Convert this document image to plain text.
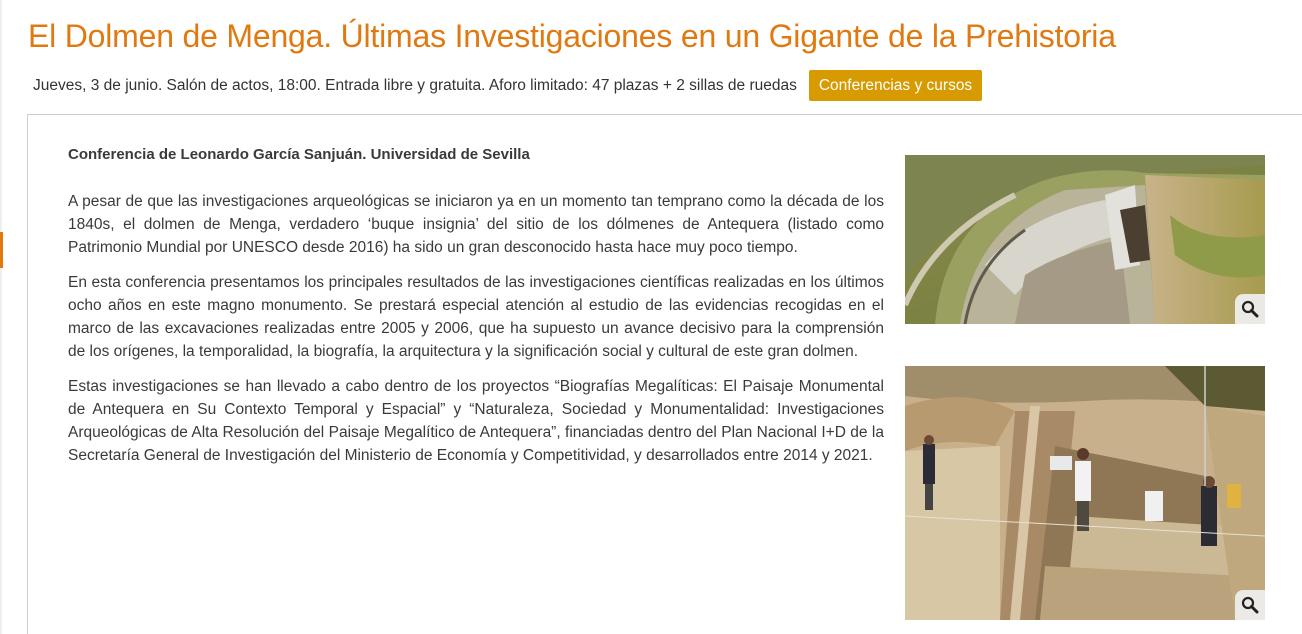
El Dolmen de Menga. Últimas Investigaciones en un Gigante de la Prehistoria
Jueves, 3 de junio. Salón de actos, 18:00. Entrada libre y gratuita. Aforo limitado: 47 plazas + 2 sillas de ruedas	Conferencias y cursos

Conferencia de Leonardo García Sanjuán. Universidad de Sevilla

A pesar de que las investigaciones arqueológicas se iniciaron ya en un momento tan temprano como la década de los 1840s, el dolmen de Menga, verdadero ‘buque insignia’ del sitio de los dólmenes de Antequera (listado como Patrimonio Mundial por UNESCO desde 2016) ha sido un gran desconocido hasta hace muy poco tiempo.

En esta conferencia presentamos los principales resultados de las investigaciones científicas realizadas en los últimos ocho años en este magno monumento. Se prestará especial atención al estudio de las evidencias recogidas en el marco de las excavaciones realizadas entre 2005 y 2006, que ha supuesto un avance decisivo para la comprensión de los orígenes, la temporalidad, la biografía, la arquitectura y la significación social y cultural de este gran dolmen.

Estas investigaciones se han llevado a cabo dentro de los proyectos “Biografías Megalíticas: El Paisaje Monumental de Antequera en Su Contexto Temporal y Espacial” y “Naturaleza, Sociedad y Monumentalidad: Investigaciones Arqueológicas de Alta Resolución del Paisaje Megalítico de Antequera”, financiadas dentro del Plan Nacional I+D de la Secretaría General de Investigación del Ministerio de Economía y Competitividad, y desarrollados entre 2014 y 2021.
